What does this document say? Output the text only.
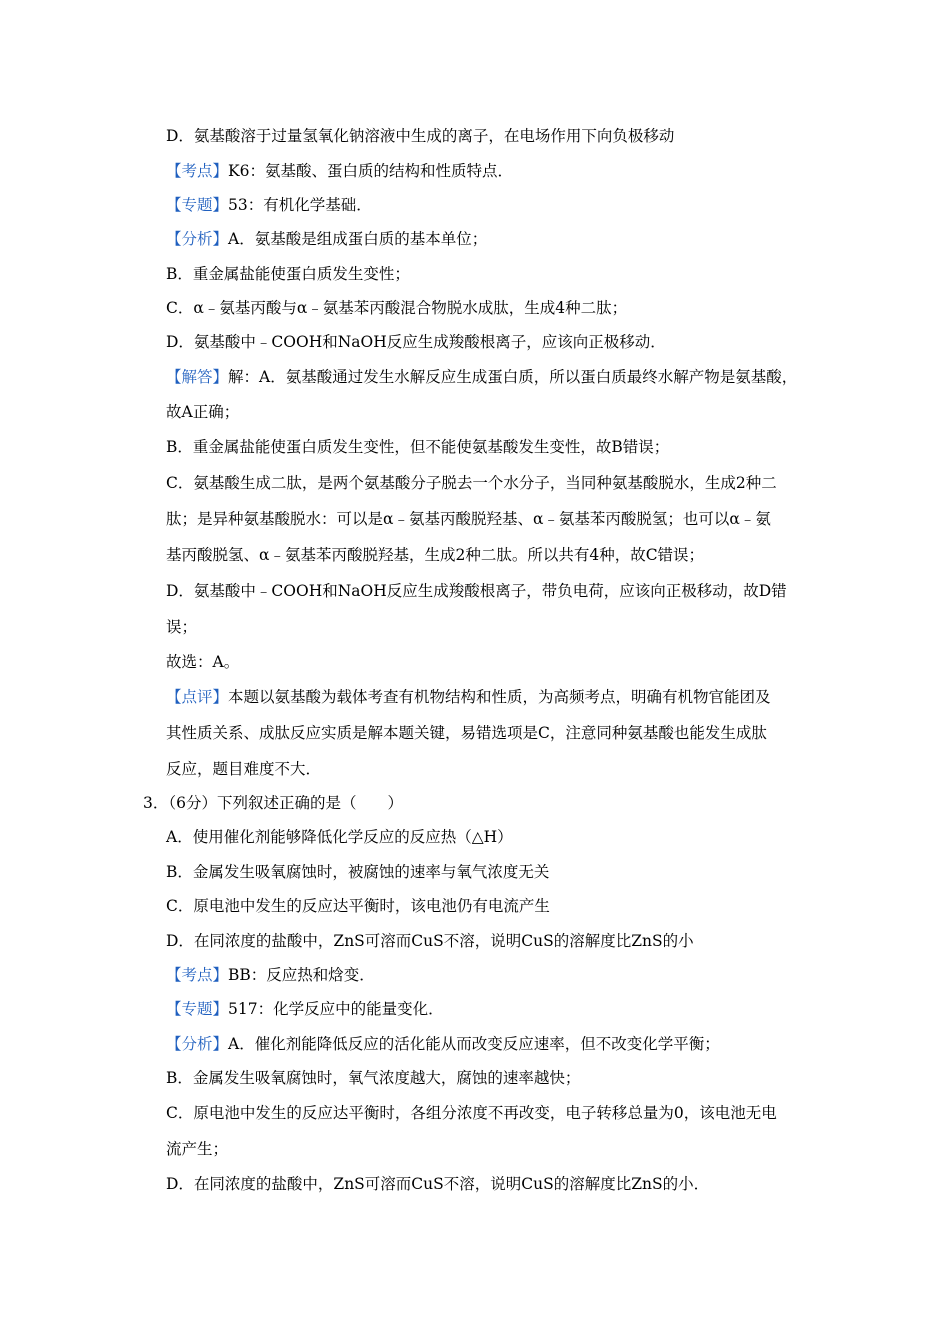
D．氨基酸溶于过量氢氧化钠溶液中生成的离子，在电场作用下向负极移动
【考点】K6：氨基酸、蛋白质的结构和性质特点．
【专题】53：有机化学基础．
【分析】A．氨基酸是组成蛋白质的基本单位；
B．重金属盐能使蛋白质发生变性；
C．α﹣氨基丙酸与α﹣氨基苯丙酸混合物脱水成肽，生成4种二肽；
D．氨基酸中﹣COOH和NaOH反应生成羧酸根离子，应该向正极移动．
【解答】解：A．氨基酸通过发生水解反应生成蛋白质，所以蛋白质最终水解产物是氨基酸，
故A正确；
B．重金属盐能使蛋白质发生变性，但不能使氨基酸发生变性，故B错误；
C．氨基酸生成二肽，是两个氨基酸分子脱去一个水分子，当同种氨基酸脱水，生成2种二
肽；是异种氨基酸脱水：可以是α﹣氨基丙酸脱羟基、α﹣氨基苯丙酸脱氢；也可以α﹣氨
基丙酸脱氢、α﹣氨基苯丙酸脱羟基，生成2种二肽。所以共有4种，故C错误；
D．氨基酸中﹣COOH和NaOH反应生成羧酸根离子，带负电荷，应该向正极移动，故D错
误；
故选：A。
【点评】本题以氨基酸为载体考查有机物结构和性质，为高频考点，明确有机物官能团及
其性质关系、成肽反应实质是解本题关键，易错选项是C，注意同种氨基酸也能发生成肽
反应，题目难度不大．
3．（6分）下列叙述正确的是（　　）
A．使用催化剂能够降低化学反应的反应热（△H）
B．金属发生吸氧腐蚀时，被腐蚀的速率与氧气浓度无关
C．原电池中发生的反应达平衡时，该电池仍有电流产生
D．在同浓度的盐酸中，ZnS可溶而CuS不溶，说明CuS的溶解度比ZnS的小
【考点】BB：反应热和焓变．
【专题】517：化学反应中的能量变化．
【分析】A．催化剂能降低反应的活化能从而改变反应速率，但不改变化学平衡；
B．金属发生吸氧腐蚀时，氧气浓度越大，腐蚀的速率越快；
C．原电池中发生的反应达平衡时，各组分浓度不再改变，电子转移总量为0，该电池无电
流产生；
D．在同浓度的盐酸中，ZnS可溶而CuS不溶，说明CuS的溶解度比ZnS的小．
